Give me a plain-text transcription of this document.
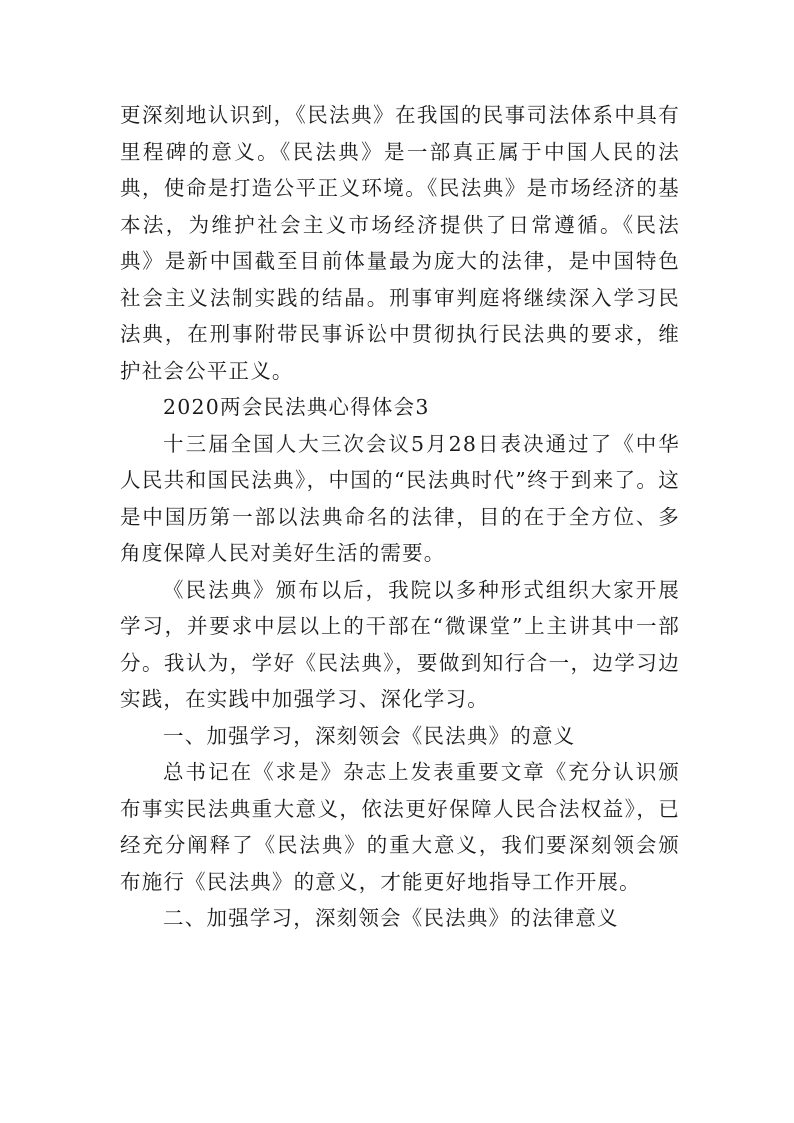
更深刻地认识到，《民法典》在我国的民事司法体系中具有里程碑的意义。《民法典》是一部真正属于中国人民的法典，使命是打造公平正义环境。《民法典》是市场经济的基本法，为维护社会主义市场经济提供了日常遵循。《民法典》是新中国截至目前体量最为庞大的法律，是中国特色社会主义法制实践的结晶。刑事审判庭将继续深入学习民法典，在刑事附带民事诉讼中贯彻执行民法典的要求，维护社会公平正义。

2020两会民法典心得体会3

十三届全国人大三次会议5月28日表决通过了《中华人民共和国民法典》，中国的“民法典时代”终于到来了。这是中国历第一部以法典命名的法律，目的在于全方位、多角度保障人民对美好生活的需要。

《民法典》颁布以后，我院以多种形式组织大家开展学习，并要求中层以上的干部在“微课堂”上主讲其中一部分。我认为，学好《民法典》，要做到知行合一，边学习边实践，在实践中加强学习、深化学习。

一、加强学习，深刻领会《民法典》的意义

总书记在《求是》杂志上发表重要文章《充分认识颁布事实民法典重大意义，依法更好保障人民合法权益》，已经充分阐释了《民法典》的重大意义，我们要深刻领会颁布施行《民法典》的意义，才能更好地指导工作开展。

二、加强学习，深刻领会《民法典》的法律意义
